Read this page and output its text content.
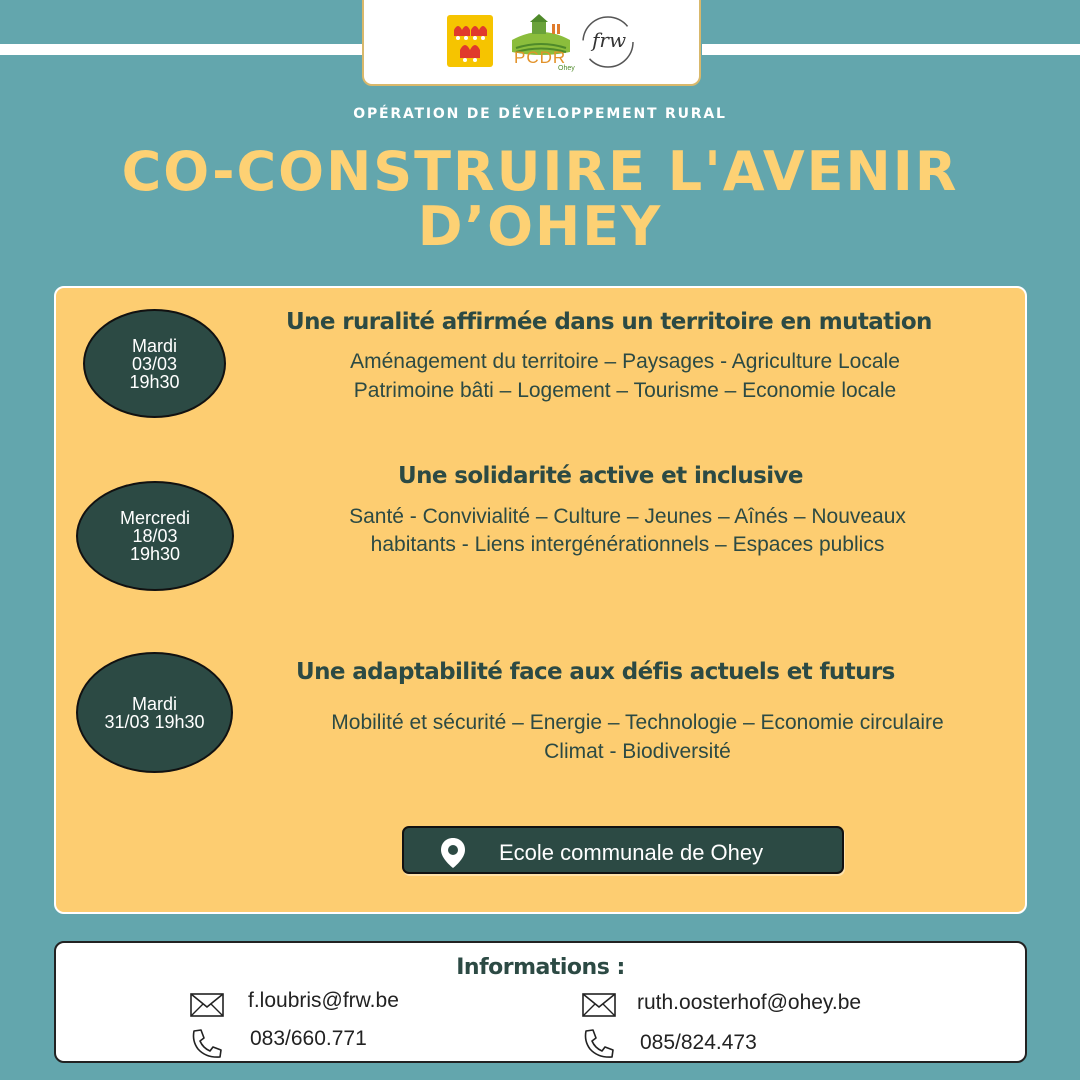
PCDR
Ohey
frw
OPÉRATION DE DÉVELOPPEMENT RURAL
CO-CONSTRUIRE L'AVENIR
D’OHEY
Mardi
03/03
19h30
Une ruralité affirmée dans un territoire en mutation
Aménagement du territoire – Paysages - Agriculture Locale
Patrimoine bâti – Logement – Tourisme – Economie locale
Mercredi
18/03
19h30
Une solidarité active et inclusive
Santé - Convivialité – Culture – Jeunes – Aînés – Nouveaux
habitants - Liens intergénérationnels – Espaces publics
Mardi
31/03 19h30
Une adaptabilité face aux défis actuels et futurs
Mobilité et sécurité – Energie – Technologie – Economie circulaire
Climat - Biodiversité
Ecole communale de Ohey
Informations :
f.loubris@frw.be
083/660.771
ruth.oosterhof@ohey.be
085/824.473
